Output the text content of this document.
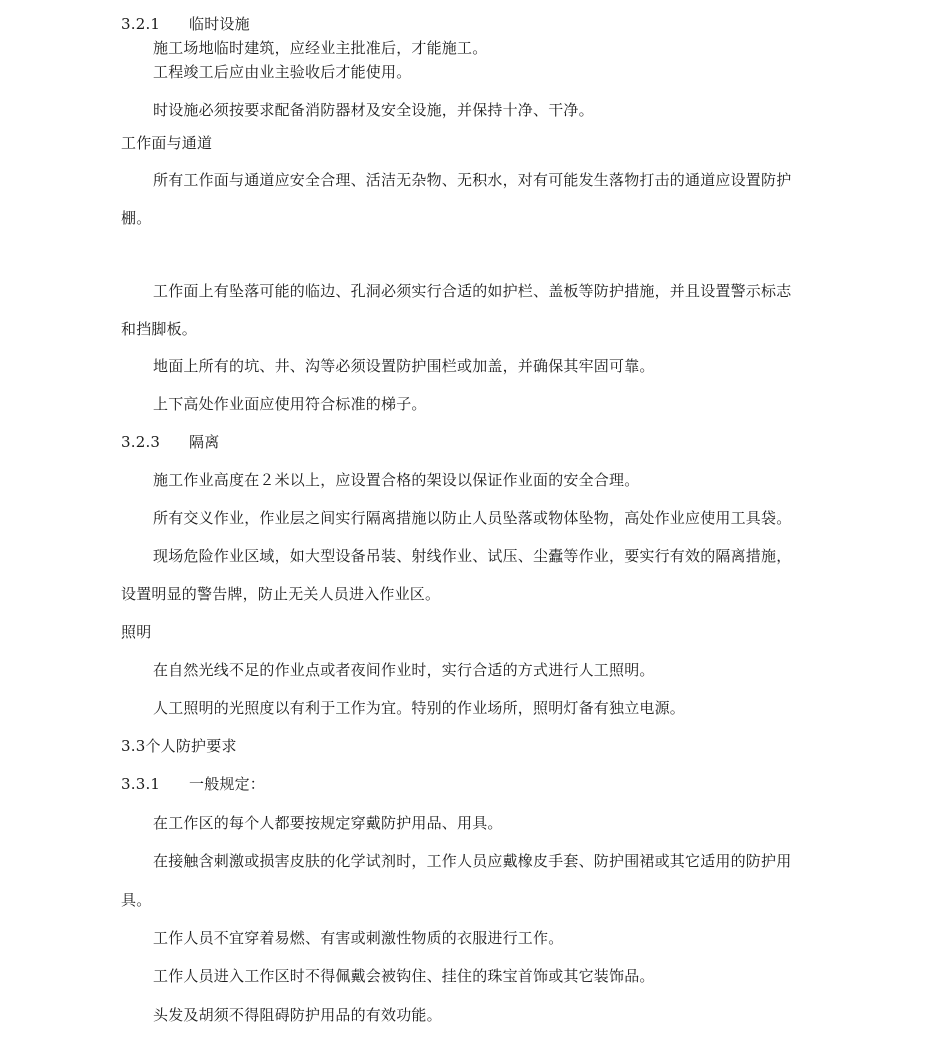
3.2.1 临时设施
施工场地临时建筑，应经业主批准后，才能施工。
工程竣工后应由业主验收后才能使用。
时设施必须按要求配备消防器材及安全设施，并保持十净、干净。
工作面与通道
所有工作面与通道应安全合理、活洁无杂物、无积水，对有可能发生落物打击的通道应设置防护
棚。
工作面上有坠落可能的临边、孔洞必须实行合适的如护栏、盖板等防护措施，并且设置警示标志
和挡脚板。
地面上所有的坑、井、沟等必须设置防护围栏或加盖，并确保其牢固可靠。
上下高处作业面应使用符合标准的梯子。
3.2.3 隔离
施工作业高度在２米以上，应设置合格的架设以保证作业面的安全合理。
所有交义作业，作业层之间实行隔离措施以防止人员坠落或物体坠物，高处作业应使用工具袋。
现场危险作业区域，如大型设备吊装、射线作业、试压、尘蠹等作业，要实行有效的隔离措施，
设置明显的警告牌，防止无关人员进入作业区。
照明
在自然光线不足的作业点或者夜间作业时，实行合适的方式进行人工照明。
人工照明的光照度以有利于工作为宜。特别的作业场所，照明灯备有独立电源。
3.3个人防护要求
3.3.1 一般规定：
在工作区的每个人都要按规定穿戴防护用品、用具。
在接触含刺激或损害皮肤的化学试剂时，工作人员应戴橡皮手套、防护围裙或其它适用的防护用
具。
工作人员不宜穿着易燃、有害或刺激性物质的衣服进行工作。
工作人员进入工作区时不得佩戴会被钩住、挂住的珠宝首饰或其它装饰品。
头发及胡须不得阻碍防护用品的有效功能。
